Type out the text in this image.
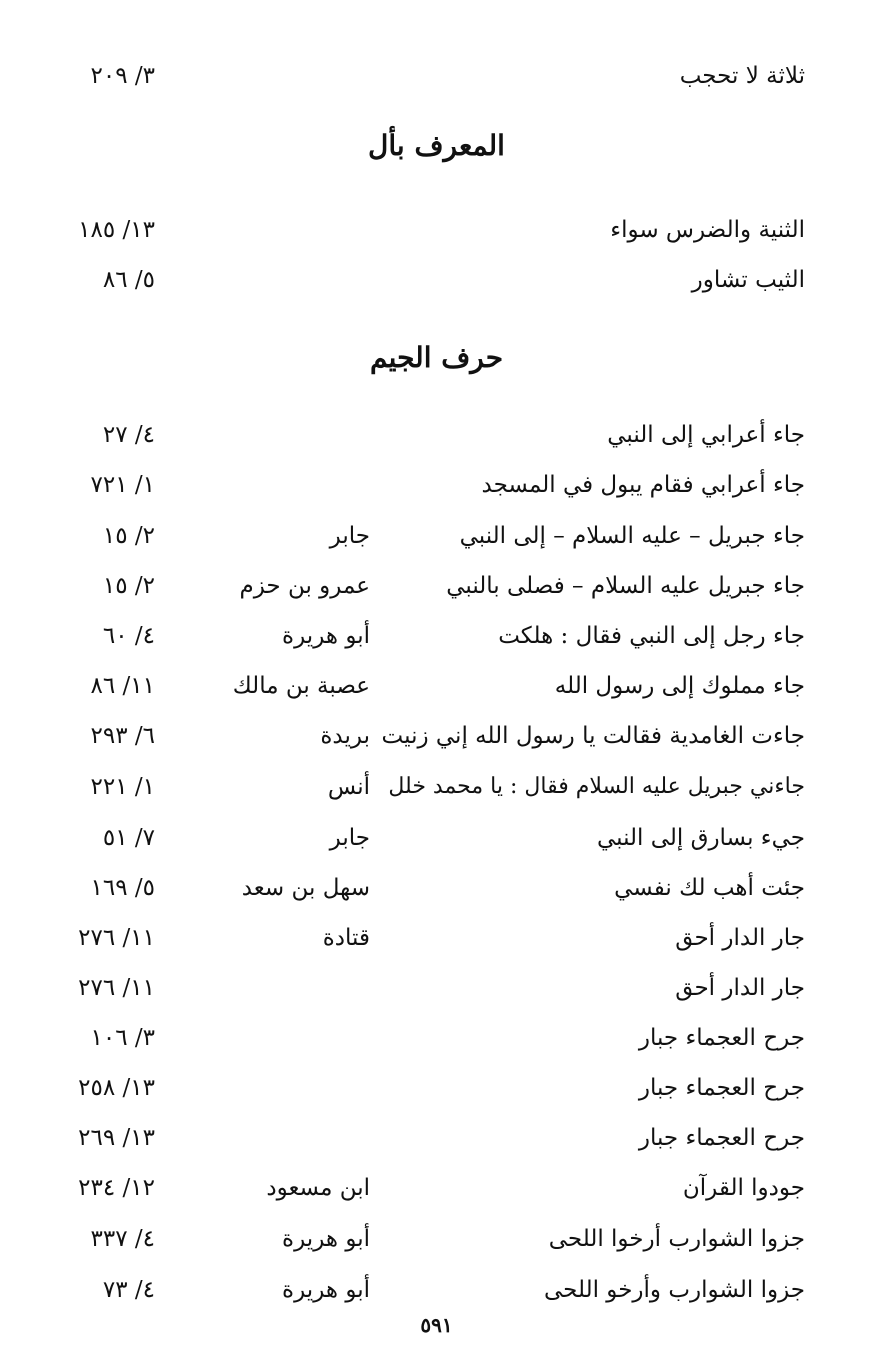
ثلاثة لا تحجب
٣/ ٢٠٩
المعرف بأل
الثنية والضرس سواء
١٣/ ١٨٥
الثيب تشاور
٥/ ٨٦
حرف الجيم
جاء أعرابي إلى النبي
٤/ ٢٧
جاء أعرابي فقام يبول في المسجد
١/ ٧٢١
جاء جبريل – عليه السلام – إلى النبي
جابر
٢/ ١٥
جاء جبريل عليه السلام – فصلى بالنبي
عمرو بن حزم
٢/ ١٥
جاء رجل إلى النبي فقال : هلكت
أبو هريرة
٤/ ٦٠
جاء مملوك إلى رسول الله
عصبة بن مالك
١١/ ٨٦
جاءت الغامدية فقالت يا رسول الله إني زنيت
بريدة
٦/ ٢٩٣
جاءني جبريل عليه السلام فقال : يا محمد خلل
أنس
١/ ٢٢١
جيء بسارق إلى النبي
جابر
٧/ ٥١
جئت أهب لك نفسي
سهل بن سعد
٥/ ١٦٩
جار الدار أحق
قتادة
١١/ ٢٧٦
جار الدار أحق
١١/ ٢٧٦
جرح العجماء جبار
٣/ ١٠٦
جرح العجماء جبار
١٣/ ٢٥٨
جرح العجماء جبار
١٣/ ٢٦٩
جودوا القرآن
ابن مسعود
١٢/ ٢٣٤
جزوا الشوارب أرخوا اللحى
أبو هريرة
٤/ ٣٣٧
جزوا الشوارب وأرخو اللحى
أبو هريرة
٤/ ٧٣
٥٩١
